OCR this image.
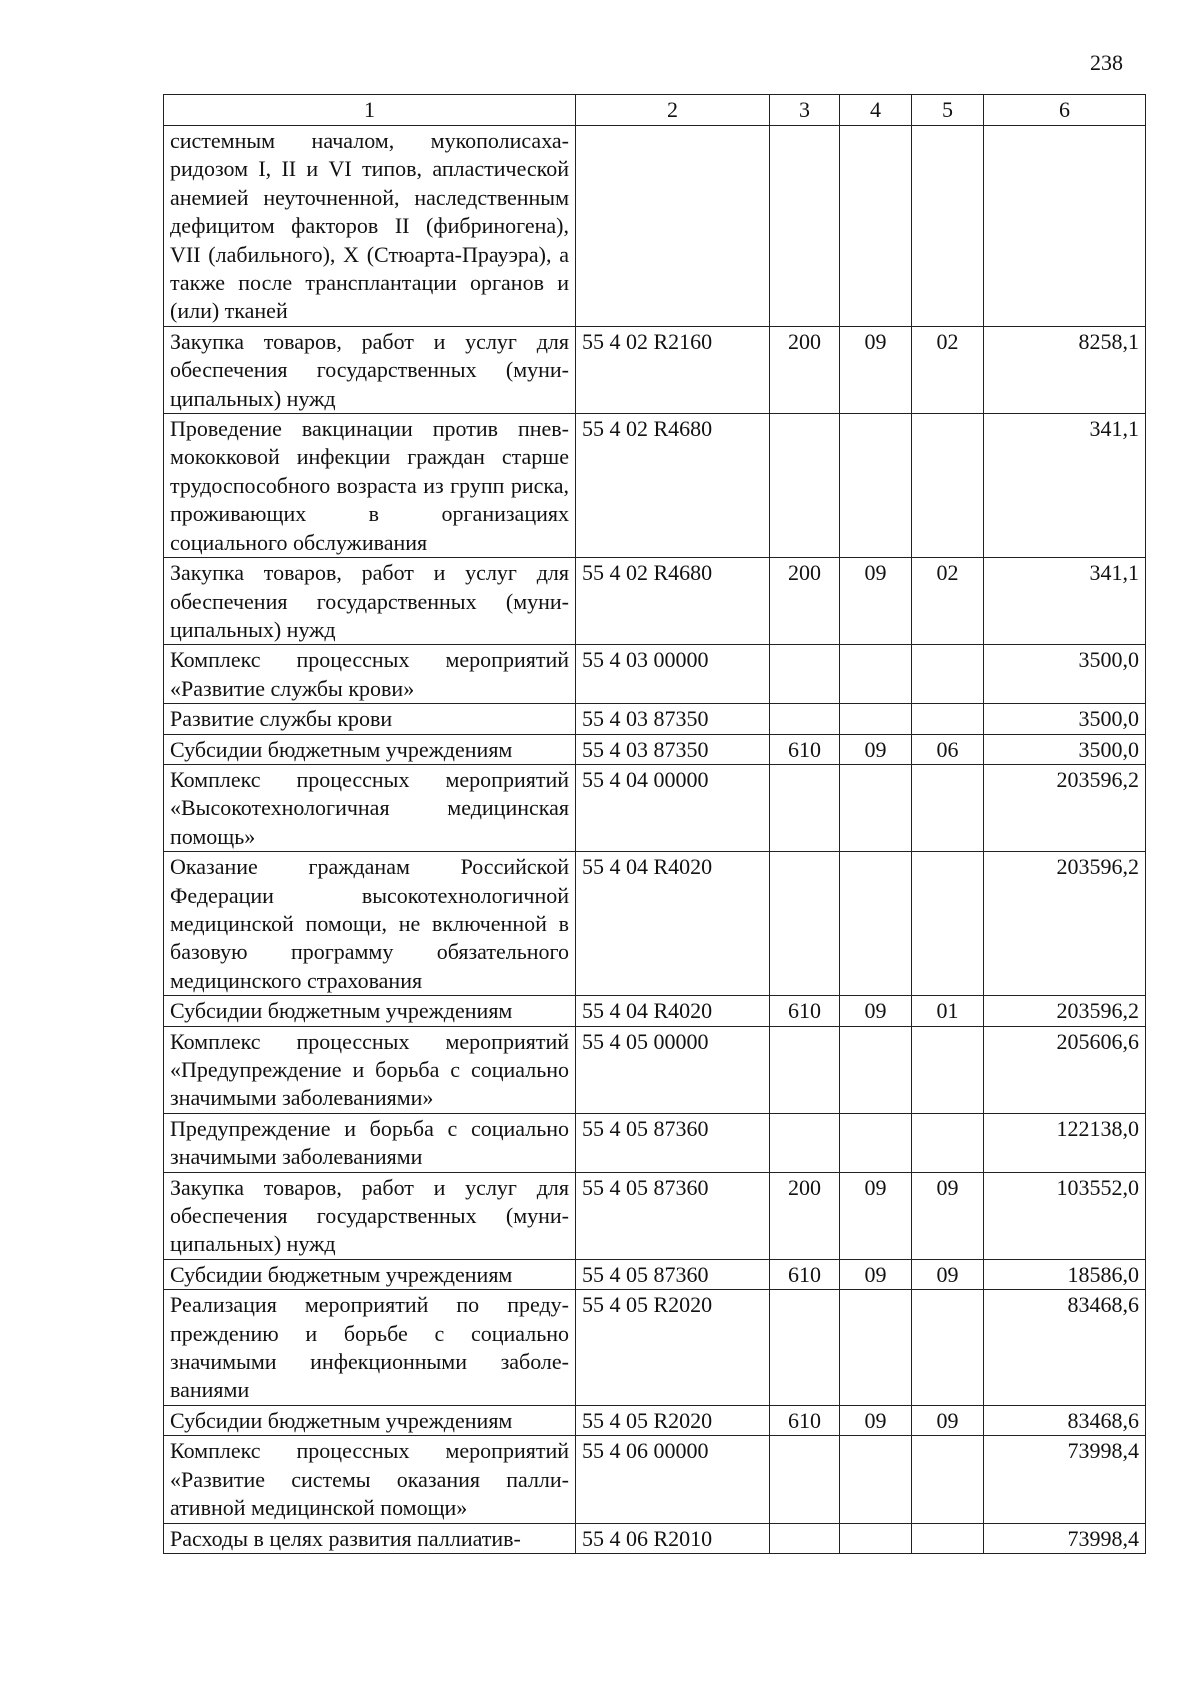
238
1	2	3	4	5	6
системным началом, мукополисахаридозом I, II и VI типов, апластической анемией неуточненной, наследственным дефицитом факторов II (фибриногена), VII (лабильного), X (Стюарта-Прауэра), а также после трансплантации органов и (или) тканей					
Закупка товаров, работ и услуг для обеспечения государственных (муниципальных) нужд	55 4 02 R2160	200	09	02	8258,1
Проведение вакцинации против пневмококковой инфекции граждан старше трудоспособного возраста из групп риска, проживающих в организациях социального обслуживания	55 4 02 R4680				341,1
Закупка товаров, работ и услуг для обеспечения государственных (муниципальных) нужд	55 4 02 R4680	200	09	02	341,1
Комплекс процессных мероприятий «Развитие службы крови»	55 4 03 00000				3500,0
Развитие службы крови	55 4 03 87350				3500,0
Субсидии бюджетным учреждениям	55 4 03 87350	610	09	06	3500,0
Комплекс процессных мероприятий «Высокотехнологичная медицинская помощь»	55 4 04 00000				203596,2
Оказание гражданам Российской Федерации высокотехнологичной медицинской помощи, не включенной в базовую программу обязательного медицинского страхования	55 4 04 R4020				203596,2
Субсидии бюджетным учреждениям	55 4 04 R4020	610	09	01	203596,2
Комплекс процессных мероприятий «Предупреждение и борьба с социально значимыми заболеваниями»	55 4 05 00000				205606,6
Предупреждение и борьба с социально значимыми заболеваниями	55 4 05 87360				122138,0
Закупка товаров, работ и услуг для обеспечения государственных (муниципальных) нужд	55 4 05 87360	200	09	09	103552,0
Субсидии бюджетным учреждениям	55 4 05 87360	610	09	09	18586,0
Реализация мероприятий по предупреждению и борьбе с социально значимыми инфекционными заболеваниями	55 4 05 R2020				83468,6
Субсидии бюджетным учреждениям	55 4 05 R2020	610	09	09	83468,6
Комплекс процессных мероприятий «Развитие системы оказания паллиативной медицинской помощи»	55 4 06 00000				73998,4
Расходы в целях развития паллиатив-	55 4 06 R2010				73998,4
